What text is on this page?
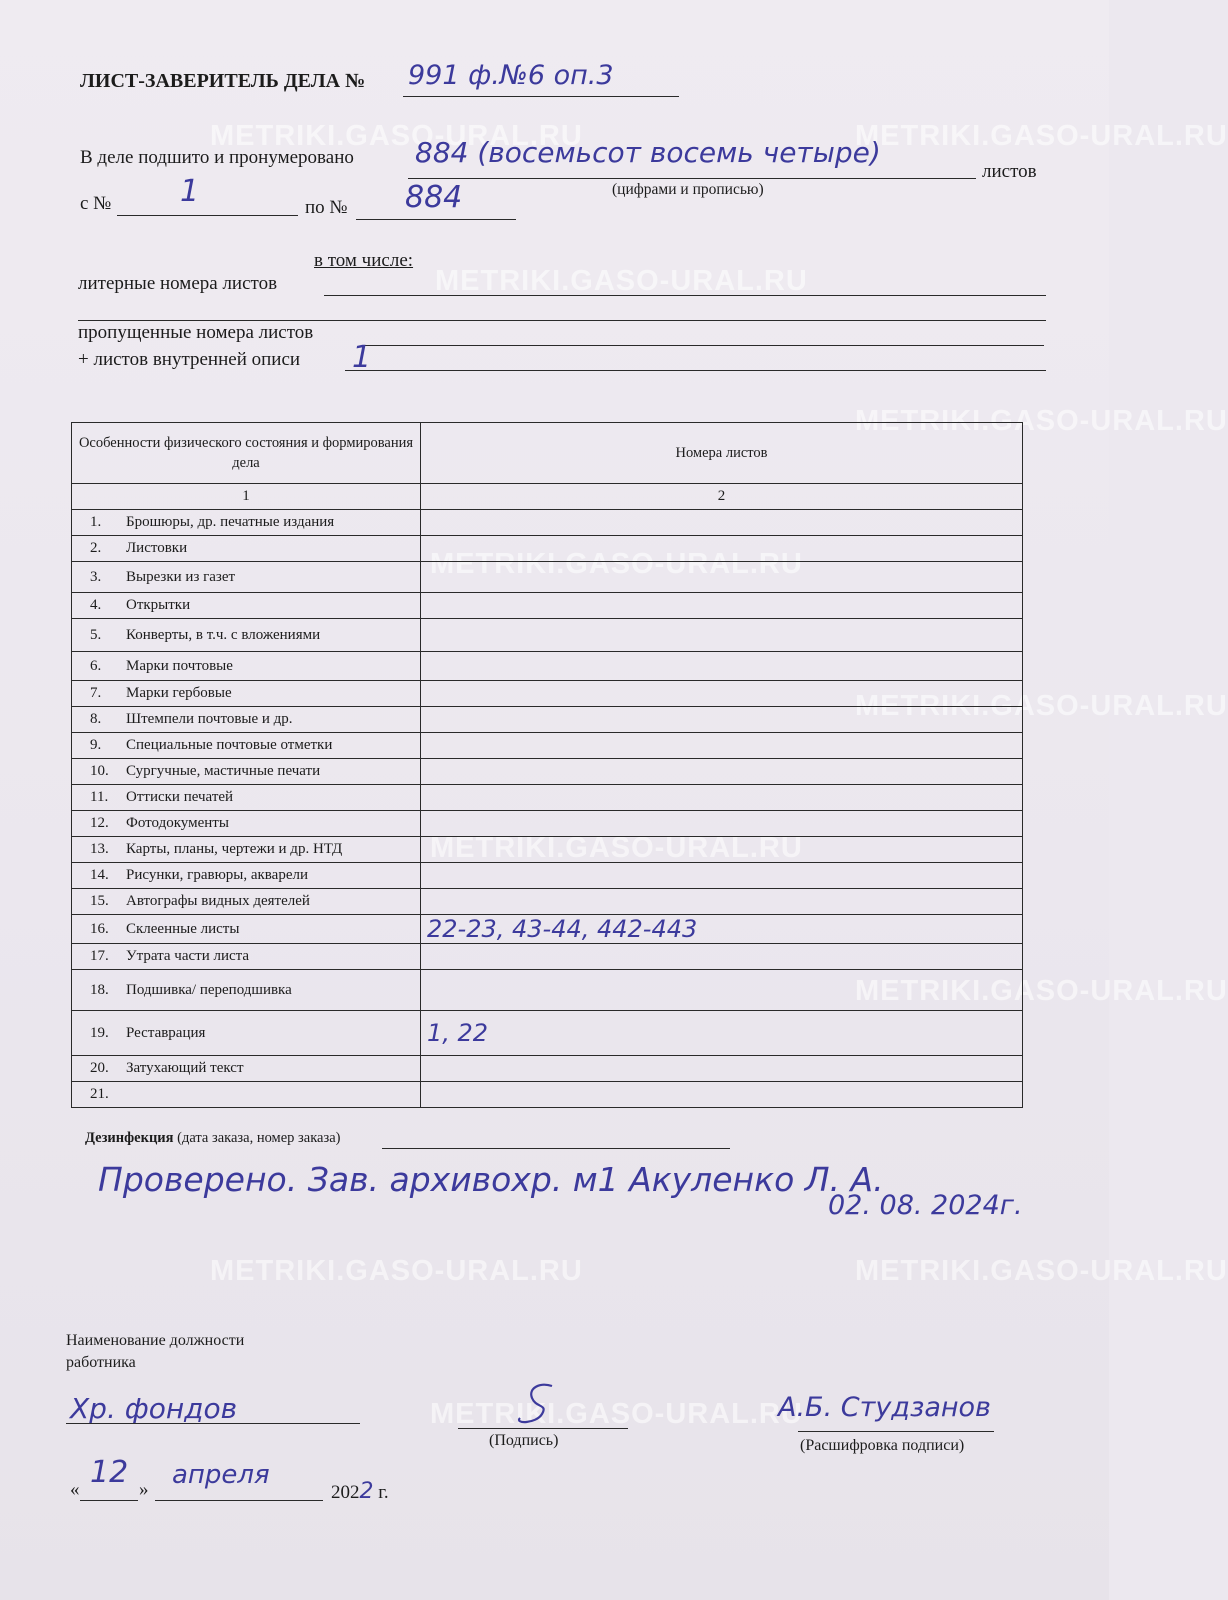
METRIKI.GASO-URAL.RU	METRIKI.GASO-URAL.RU
METRIKI.GASO-URAL.RU
METRIKI.GASO-URAL.RU
METRIKI.GASO-URAL.RU
METRIKI.GASO-URAL.RU
METRIKI.GASO-URAL.RU
METRIKI.GASO-URAL.RU
METRIKI.GASO-URAL.RU	METRIKI.GASO-URAL.RU
METRIKI.GASO-URAL.RU
ЛИСТ-ЗАВЕРИТЕЛЬ ДЕЛА № 991 ф.№6 оп.3
В деле подшито и пронумеровано 884 (восемьсот восемь четыре)
листов
(цифрами и прописью)
с № 1	по № 884
в том числе:
литерные номера листов
пропущенные номера листов
+ листов внутренней описи 1
Особенности физического состояния и формирования дела	Номера листов
1	2
1. Брошюры, др. печатные издания	
2. Листовки	
3. Вырезки из газет	
4. Открытки	
5. Конверты, в т.ч. с вложениями	
6. Марки почтовые	
7. Марки гербовые	
8. Штемпели почтовые и др.	
9. Специальные почтовые отметки	
10. Сургучные, мастичные печати	
11. Оттиски печатей	
12. Фотодокументы	
13. Карты, планы, чертежи и др. НТД	
14. Рисунки, гравюры, акварели	
15. Автографы видных деятелей	
16. Склеенные листы	22-23, 43-44, 442-443
17. Утрата части листа	
18. Подшивка/ переподшивка	
19. Реставрация	1, 22
20. Затухающий текст	
21.	
Дезинфекция (дата заказа, номер заказа)
Проверено. Зав. архивохр. м1 Акуленко Л. А.
02. 08. 2024г.
Наименование должности
работника
Хр. фондов
(Подпись)
А.Б. Студзанов
(Расшифровка подписи)
« 12 » апреля
2022 г.
